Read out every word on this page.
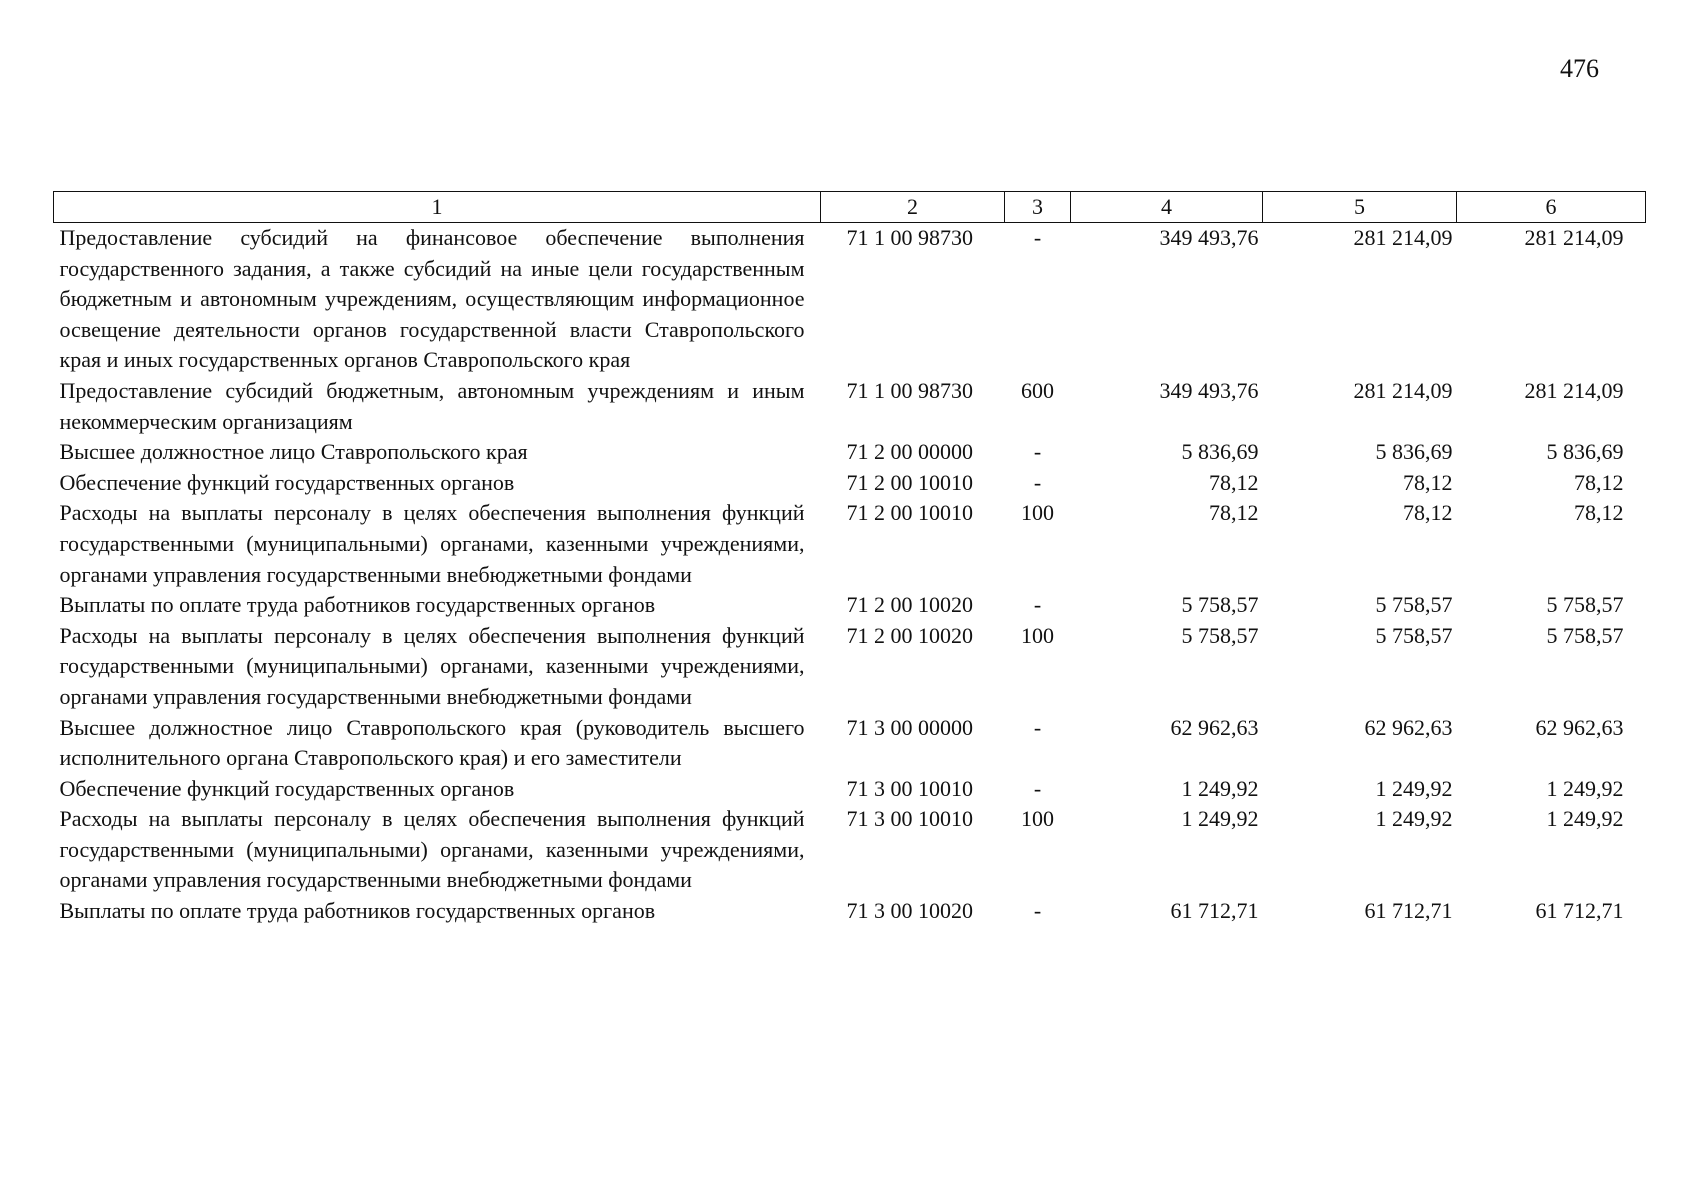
476
1	2	3	4	5	6
Предоставление субсидий на финансовое обеспечение выполнения государственного задания, а также субсидий на иные цели государственным бюджетным и автономным учреждениям, осуществляющим информационное освещение деятельности органов государственной власти Ставропольского края и иных государственных органов Ставропольского края	71 1 00 98730	-	349 493,76	281 214,09	281 214,09
Предоставление субсидий бюджетным, автономным учреждениям и иным некоммерческим организациям	71 1 00 98730	600	349 493,76	281 214,09	281 214,09
Высшее должностное лицо Ставропольского края	71 2 00 00000	-	5 836,69	5 836,69	5 836,69
Обеспечение функций государственных органов	71 2 00 10010	-	78,12	78,12	78,12
Расходы на выплаты персоналу в целях обеспечения выполнения функций государственными (муниципальными) органами, казенными учреждениями, органами управления государственными внебюджетными фондами	71 2 00 10010	100	78,12	78,12	78,12
Выплаты по оплате труда работников государственных органов	71 2 00 10020	-	5 758,57	5 758,57	5 758,57
Расходы на выплаты персоналу в целях обеспечения выполнения функций государственными (муниципальными) органами, казенными учреждениями, органами управления государственными внебюджетными фондами	71 2 00 10020	100	5 758,57	5 758,57	5 758,57
Высшее должностное лицо Ставропольского края (руководитель высшего исполнительного органа Ставропольского края) и его заместители	71 3 00 00000	-	62 962,63	62 962,63	62 962,63
Обеспечение функций государственных органов	71 3 00 10010	-	1 249,92	1 249,92	1 249,92
Расходы на выплаты персоналу в целях обеспечения выполнения функций государственными (муниципальными) органами, казенными учреждениями, органами управления государственными внебюджетными фондами	71 3 00 10010	100	1 249,92	1 249,92	1 249,92
Выплаты по оплате труда работников государственных органов	71 3 00 10020	-	61 712,71	61 712,71	61 712,71
